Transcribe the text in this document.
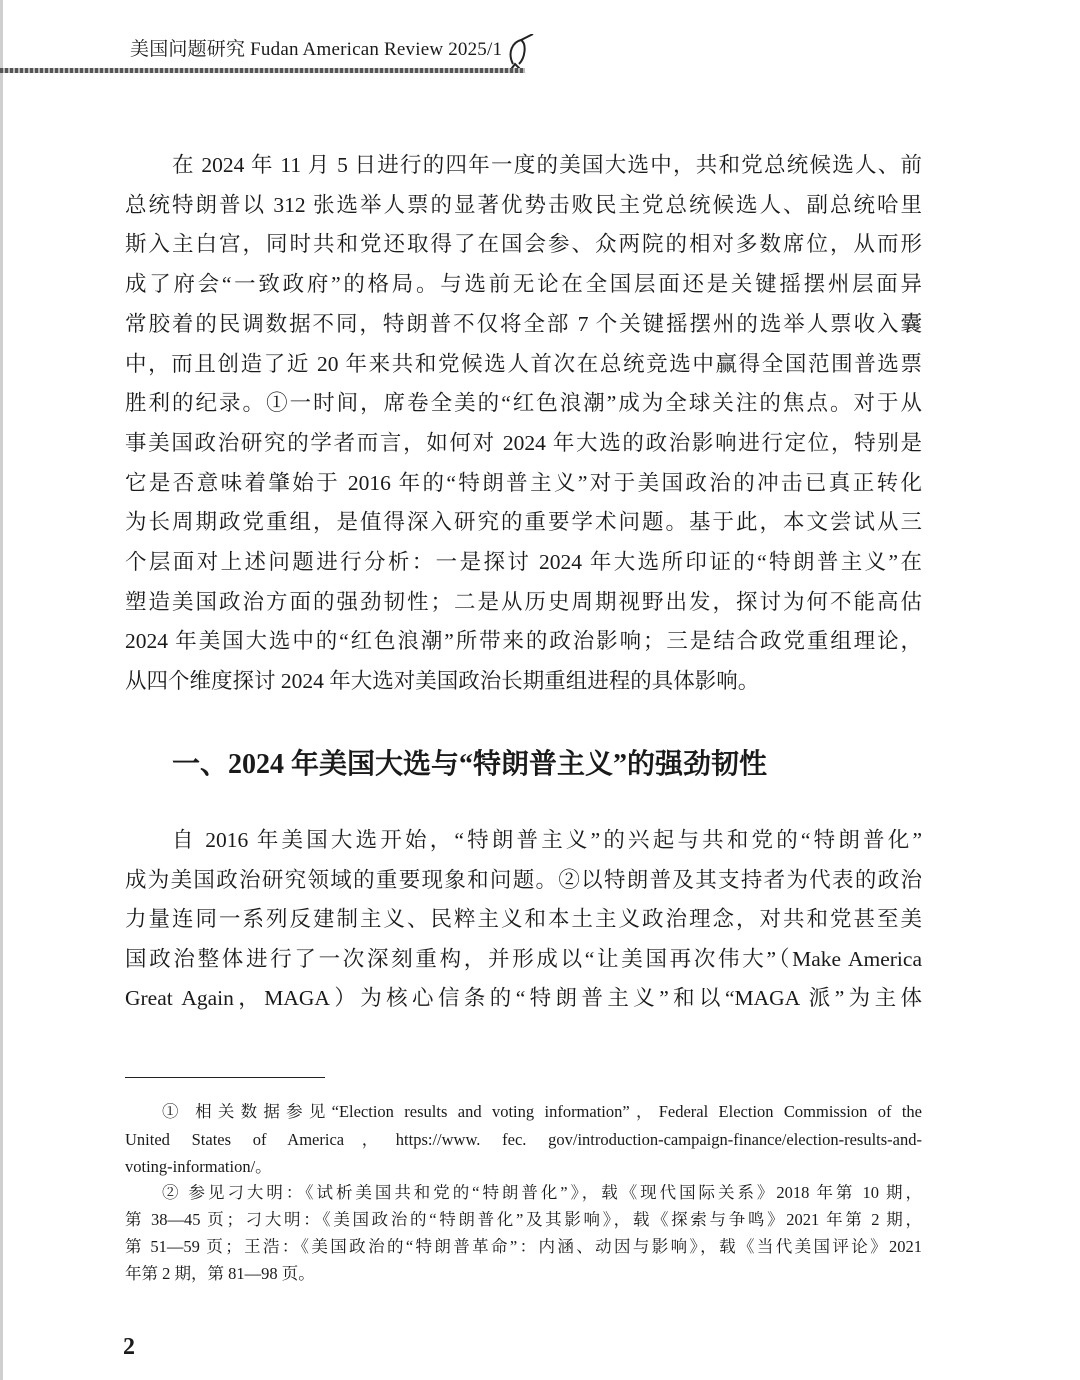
美国问题研究 Fudan American Review 2025/1
在 2024 年 11 月 5 日进行的四年一度的美国大选中，共和党总统候选人、前
总统特朗普以 312 张选举人票的显著优势击败民主党总统候选人、副总统哈里
斯入主白宫，同时共和党还取得了在国会参、众两院的相对多数席位，从而形
成了府会“一致政府”的格局。与选前无论在全国层面还是关键摇摆州层面异
常胶着的民调数据不同，特朗普不仅将全部 7 个关键摇摆州的选举人票收入囊
中，而且创造了近 20 年来共和党候选人首次在总统竞选中赢得全国范围普选票
胜利的纪录。①一时间，席卷全美的“红色浪潮”成为全球关注的焦点。对于从
事美国政治研究的学者而言，如何对 2024 年大选的政治影响进行定位，特别是
它是否意味着肇始于 2016 年的“特朗普主义”对于美国政治的冲击已真正转化
为长周期政党重组，是值得深入研究的重要学术问题。基于此，本文尝试从三
个层面对上述问题进行分析：一是探讨 2024 年大选所印证的“特朗普主义”在
塑造美国政治方面的强劲韧性；二是从历史周期视野出发，探讨为何不能高估
2024 年美国大选中的“红色浪潮”所带来的政治影响；三是结合政党重组理论，
从四个维度探讨 2024 年大选对美国政治长期重组进程的具体影响。
一、2024 年美国大选与“特朗普主义”的强劲韧性
自 2016 年美国大选开始，“特朗普主义”的兴起与共和党的“特朗普化”
成为美国政治研究领域的重要现象和问题。②以特朗普及其支持者为代表的政治
力量连同一系列反建制主义、民粹主义和本土主义政治理念，对共和党甚至美
国政治整体进行了一次深刻重构，并形成以“让美国再次伟大”（Make America
Great Again，MAGA）为核心信条的“特朗普主义”和以“MAGA 派”为主体
① 相关数据参见“Election results and voting information”，Federal Election Commission of the
United States of America，https://www. fec. gov/introduction-campaign-finance/election-results-and-
voting-information/。
② 参见刁大明：《试析美国共和党的“特朗普化”》，载《现代国际关系》2018 年第 10 期，
第 38—45 页；刁大明：《美国政治的“特朗普化”及其影响》，载《探索与争鸣》2021 年第 2 期，
第 51—59 页；王浩：《美国政治的“特朗普革命”：内涵、动因与影响》，载《当代美国评论》2021
年第 2 期，第 81—98 页。
2
